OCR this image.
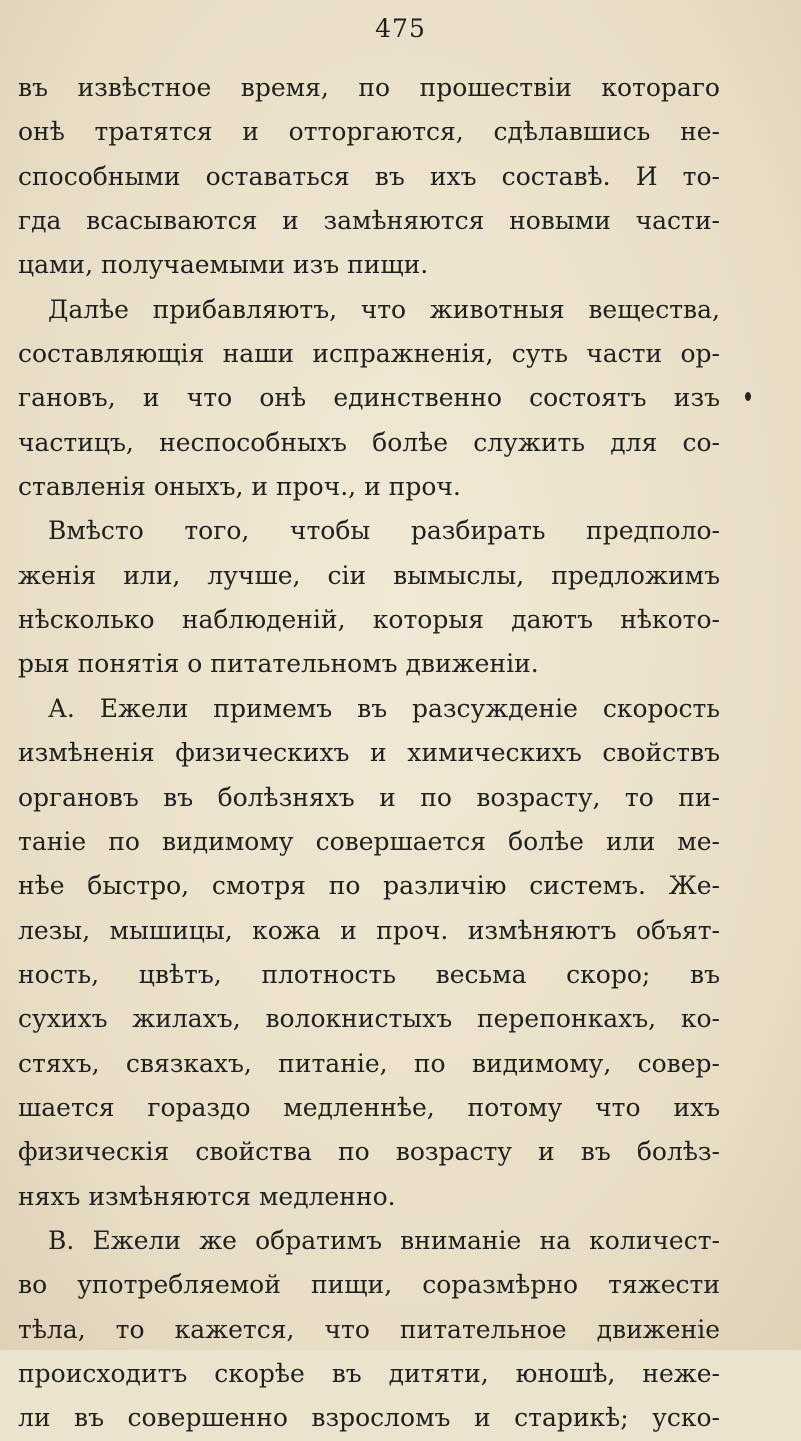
475
въ извѣстное время, по прошествіи котораго
онѣ тратятся и отторгаются, сдѣлавшись не-
способными оставаться въ ихъ составѣ. И то-
гда всасываются и замѣняются новыми части-
цами, получаемыми изъ пищи.
Далѣе прибавляютъ, что животныя вещества,
составляющія наши испражненія, суть части ор-
гановъ, и что онѣ единственно состоятъ изъ
частицъ, неспособныхъ болѣе служить для со-
ставленія оныхъ, и проч., и проч.
Вмѣсто того, чтобы разбирать предполо-
женія или, лучше, сіи вымыслы, предложимъ
нѣсколько наблюденій, которыя даютъ нѣкото-
рыя понятія о питательномъ движеніи.
А. Ежели примемъ въ разсужденіе скорость
измѣненія физическихъ и химическихъ свойствъ
органовъ въ болѣзняхъ и по возрасту, то пи-
таніе по видимому совершается болѣе или ме-
нѣе быстро, смотря по различію системъ. Же-
лезы, мышицы, кожа и проч. измѣняютъ объят-
ность, цвѣтъ, плотность весьма скоро; въ
сухихъ жилахъ, волокнистыхъ перепонкахъ, ко-
стяхъ, связкахъ, питаніе, по видимому, совер-
шается гораздо медленнѣе, потому что ихъ
физическія свойства по возрасту и въ болѣз-
няхъ измѣняются медленно.
В. Ежели же обратимъ вниманіе на количест-
во употребляемой пищи, соразмѣрно тяжести
тѣла, то кажется, что питательное движеніе
происходитъ скорѣе въ дитяти, юношѣ, неже-
ли въ совершенно взросломъ и старикѣ; уско-
